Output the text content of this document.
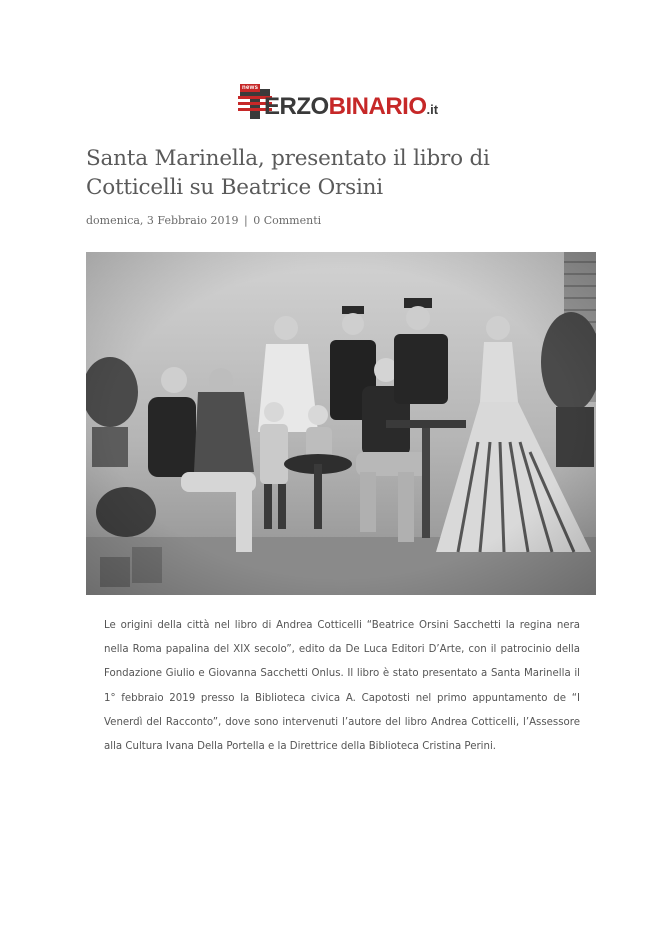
news
ERZOBINARIO.it
Santa Marinella, presentato il libro di Cotticelli su Beatrice Orsini
domenica, 3 Febbraio 2019 | 0 Commenti

Le origini della città nel libro di Andrea Cotticelli “Beatrice Orsini Sacchetti la regina nera nella Roma papalina del XIX secolo”, edito da De Luca Editori D’Arte, con il patrocinio della Fondazione Giulio e Giovanna Sacchetti Onlus. Il libro è stato presentato a Santa Marinella il 1° febbraio 2019 presso la Biblioteca civica A. Capotosti nel primo appuntamento de “I Venerdì del Racconto”, dove sono intervenuti l’autore del libro Andrea Cotticelli, l’Assessore alla Cultura Ivana Della Portella e la Direttrice della Biblioteca Cristina Perini.
